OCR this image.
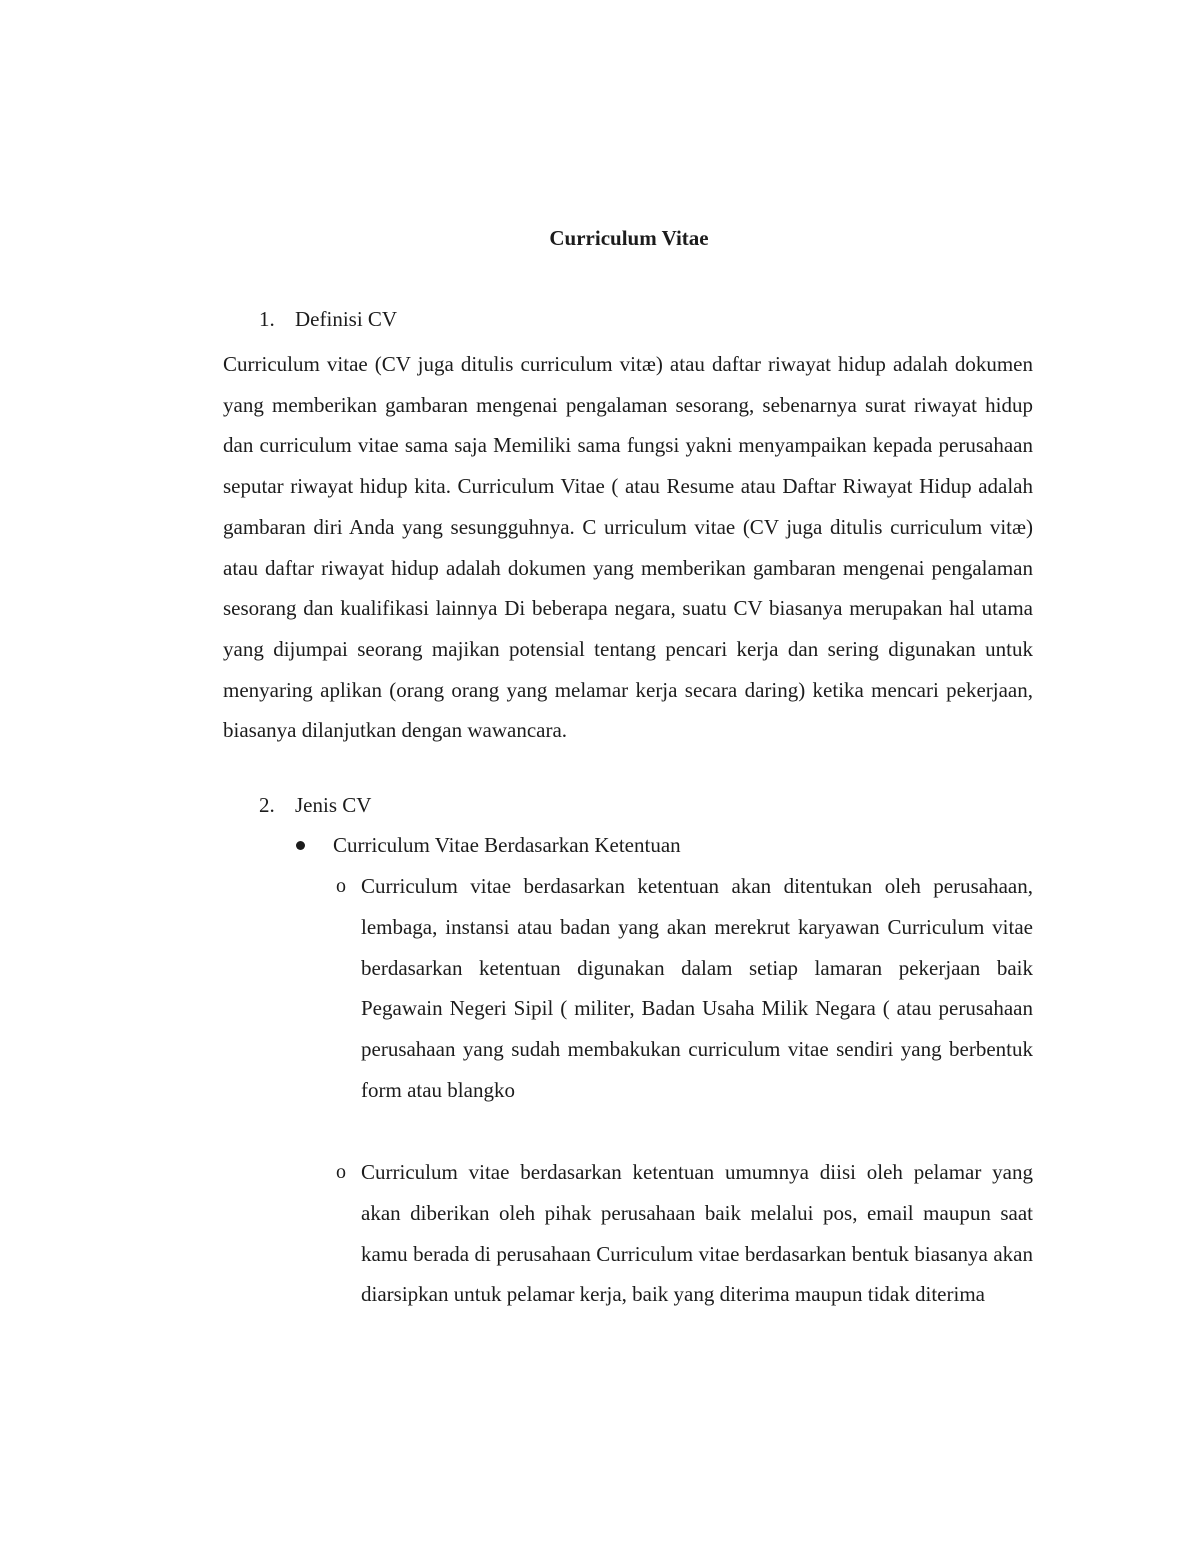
Curriculum Vitae
1. Definisi CV

Curriculum vitae (CV juga ditulis curriculum vitæ) atau daftar riwayat hidup adalah dokumen yang memberikan gambaran mengenai pengalaman sesorang, sebenarnya surat riwayat hidup dan curriculum vitae sama saja Memiliki sama fungsi yakni menyampaikan kepada perusahaan seputar riwayat hidup kita. Curriculum Vitae ( atau Resume atau Daftar Riwayat Hidup adalah gambaran diri Anda yang sesungguhnya. C urriculum vitae (CV juga ditulis curriculum vitæ) atau daftar riwayat hidup adalah dokumen yang memberikan gambaran mengenai pengalaman sesorang dan kualifikasi lainnya Di beberapa negara, suatu CV biasanya merupakan hal utama yang dijumpai seorang majikan potensial tentang pencari kerja dan sering digunakan untuk menyaring aplikan (orang orang yang melamar kerja secara daring) ketika mencari pekerjaan, biasanya dilanjutkan dengan wawancara.

2. Jenis CV
Curriculum Vitae Berdasarkan Ketentuan
o Curriculum vitae berdasarkan ketentuan akan ditentukan oleh perusahaan, lembaga, instansi atau badan yang akan merekrut karyawan Curriculum vitae berdasarkan ketentuan digunakan dalam setiap lamaran pekerjaan baik Pegawain Negeri Sipil ( militer, Badan Usaha Milik Negara ( atau perusahaan perusahaan yang sudah membakukan curriculum vitae sendiri yang berbentuk form atau blangko

o Curriculum vitae berdasarkan ketentuan umumnya diisi oleh pelamar yang akan diberikan oleh pihak perusahaan baik melalui pos, email maupun saat kamu berada di perusahaan Curriculum vitae berdasarkan bentuk biasanya akan diarsipkan untuk pelamar kerja, baik yang diterima maupun tidak diterima
